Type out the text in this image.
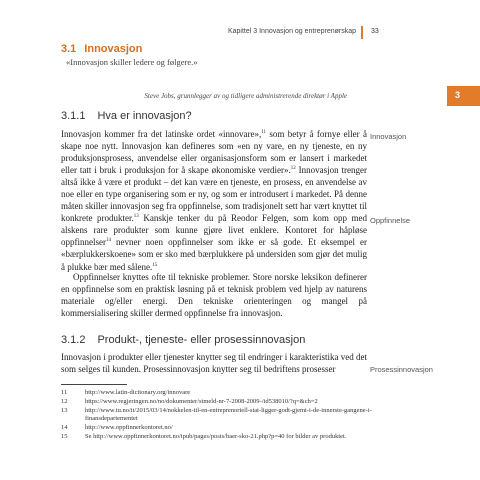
Kapittel 3 Innovasjon og entreprenørskap 33
3
3.1 Innovasjon
«Innovasjon skiller ledere og følgere.»
Steve Jobs, grunnlegger av og tidligere administrerende direktør i Apple
3.1.1 Hva er innovasjon?

Innovasjon kommer fra det latinske ordet «innovare»,$^{11}$ som betyr å fornye eller å skape noe nytt. Innovasjon kan defineres som «en ny vare, en ny tjeneste, en ny produksjonsprosess, anvendelse eller organisasjonsform som er lansert i markedet eller tatt i bruk i produksjon for å skape økonomiske verdier».$^{12}$ Innovasjon trenger altså ikke å være et produkt – det kan være en tjeneste, en prosess, en anvendelse av noe eller en type organisering som er ny, og som er introdusert i markedet. På denne måten skiller innovasjon seg fra oppfinnelse, som tradisjonelt sett har vært knyttet til konkrete produkter.$^{13}$ Kanskje tenker du på Reodor Felgen, som kom opp med alskens rare produkter som kunne gjøre livet enklere. Kontoret for håpløse oppfinnelser$^{14}$ nevner noen oppfinnelser som ikke er så gode. Et eksempel er «bærplukkerskoene» som er sko med bærplukkere på undersiden som gjør det mulig å plukke bær med sålene.$^{15}$

Oppfinnelser knyttes ofte til tekniske problemer. Store norske leksikon definerer en oppfinnelse som en praktisk løsning på et teknisk problem ved hjelp av naturens materiale og/eller energi. Den tekniske orienteringen og mangel på kommersialisering skiller dermed oppfinnelse fra innovasjon.
3.1.2 Produkt-, tjeneste- eller prosessinnovasjon
Innovasjon i produkter eller tjenester knytter seg til endringer i karakteristika ved det som selges til kunden. Prosessinnovasjon knytter seg til bedriftens prosesser
Innovasjon
Oppfinnelse
Prosessinnovasjon
11	http://www.latin-dictionary.org/innovare
12	https://www.regjeringen.no/no/dokumenter/stmeld-nr-7-2008-2009-/id538010/?q=&ch=2
13	http://www.tu.no/it/2015/03/14/nokkelen-til-en-entreprenoriell-stat-ligger-godt-gjemt-i-de-innerste-gangene-i-finansdepartementet
14	http://www.oppfinnerkontoret.no/
15	Se http://www.oppfinnerkontoret.no/ipub/pages/posts/baer-sko-21.php?p=40 for bilder av produktet.
